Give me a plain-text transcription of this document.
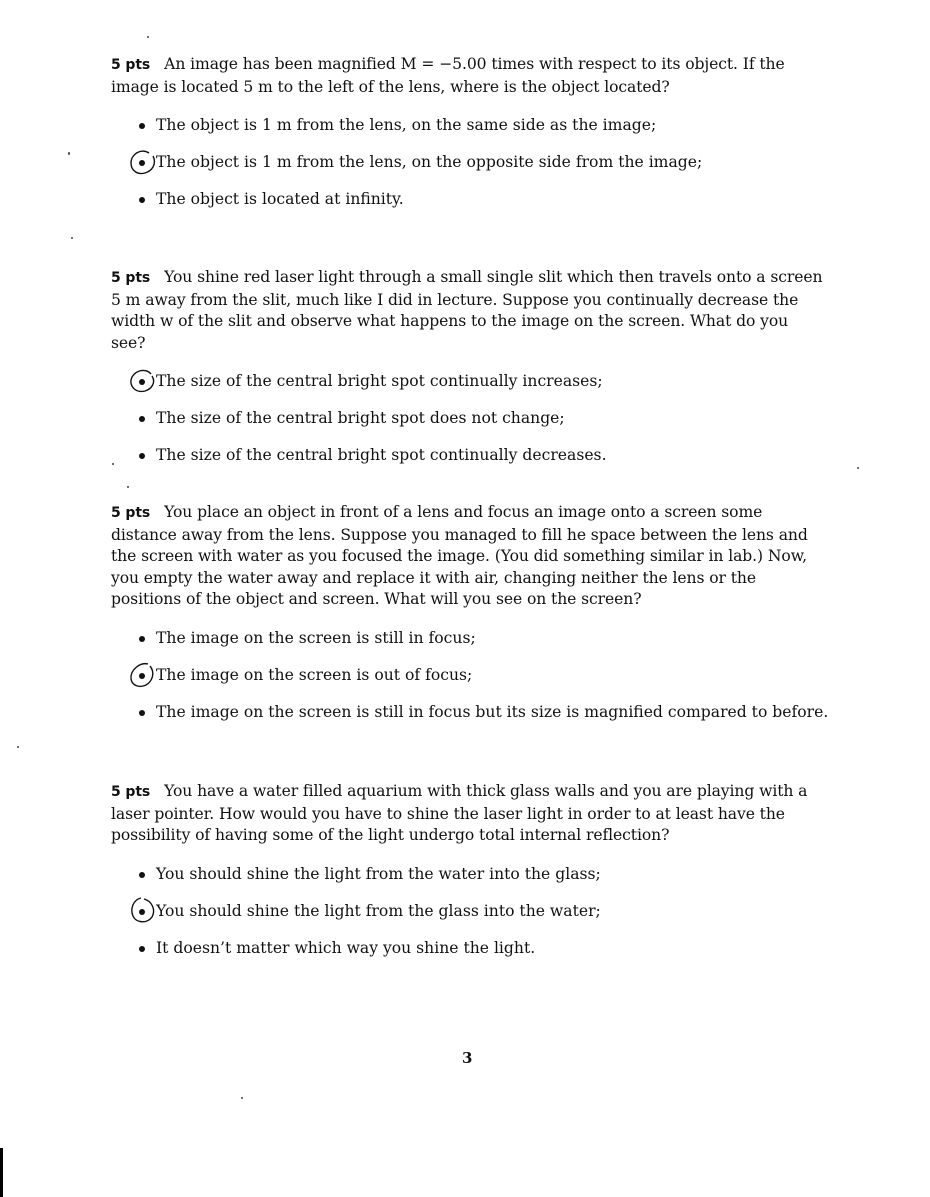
5 pts An image has been magnified M = −5.00 times with respect to its object. If the image is located 5 m to the left of the lens, where is the object located?

The object is 1 m from the lens, on the same side as the image;
The object is 1 m from the lens, on the opposite side from the image;
The object is located at infinity.

5 pts You shine red laser light through a small single slit which then travels onto a screen 5 m away from the slit, much like I did in lecture. Suppose you continually decrease the width w of the slit and observe what happens to the image on the screen. What do you see?

The size of the central bright spot continually increases;
The size of the central bright spot does not change;
The size of the central bright spot continually decreases.

5 pts You place an object in front of a lens and focus an image onto a screen some distance away from the lens. Suppose you managed to fill he space between the lens and the screen with water as you focused the image. (You did something similar in lab.) Now, you empty the water away and replace it with air, changing neither the lens or the positions of the object and screen. What will you see on the screen?

The image on the screen is still in focus;
The image on the screen is out of focus;
The image on the screen is still in focus but its size is magnified compared to before.

5 pts You have a water filled aquarium with thick glass walls and you are playing with a laser pointer. How would you have to shine the laser light in order to at least have the possibility of having some of the light undergo total internal reflection?

You should shine the light from the water into the glass;
You should shine the light from the glass into the water;
It doesn’t matter which way you shine the light.
3
